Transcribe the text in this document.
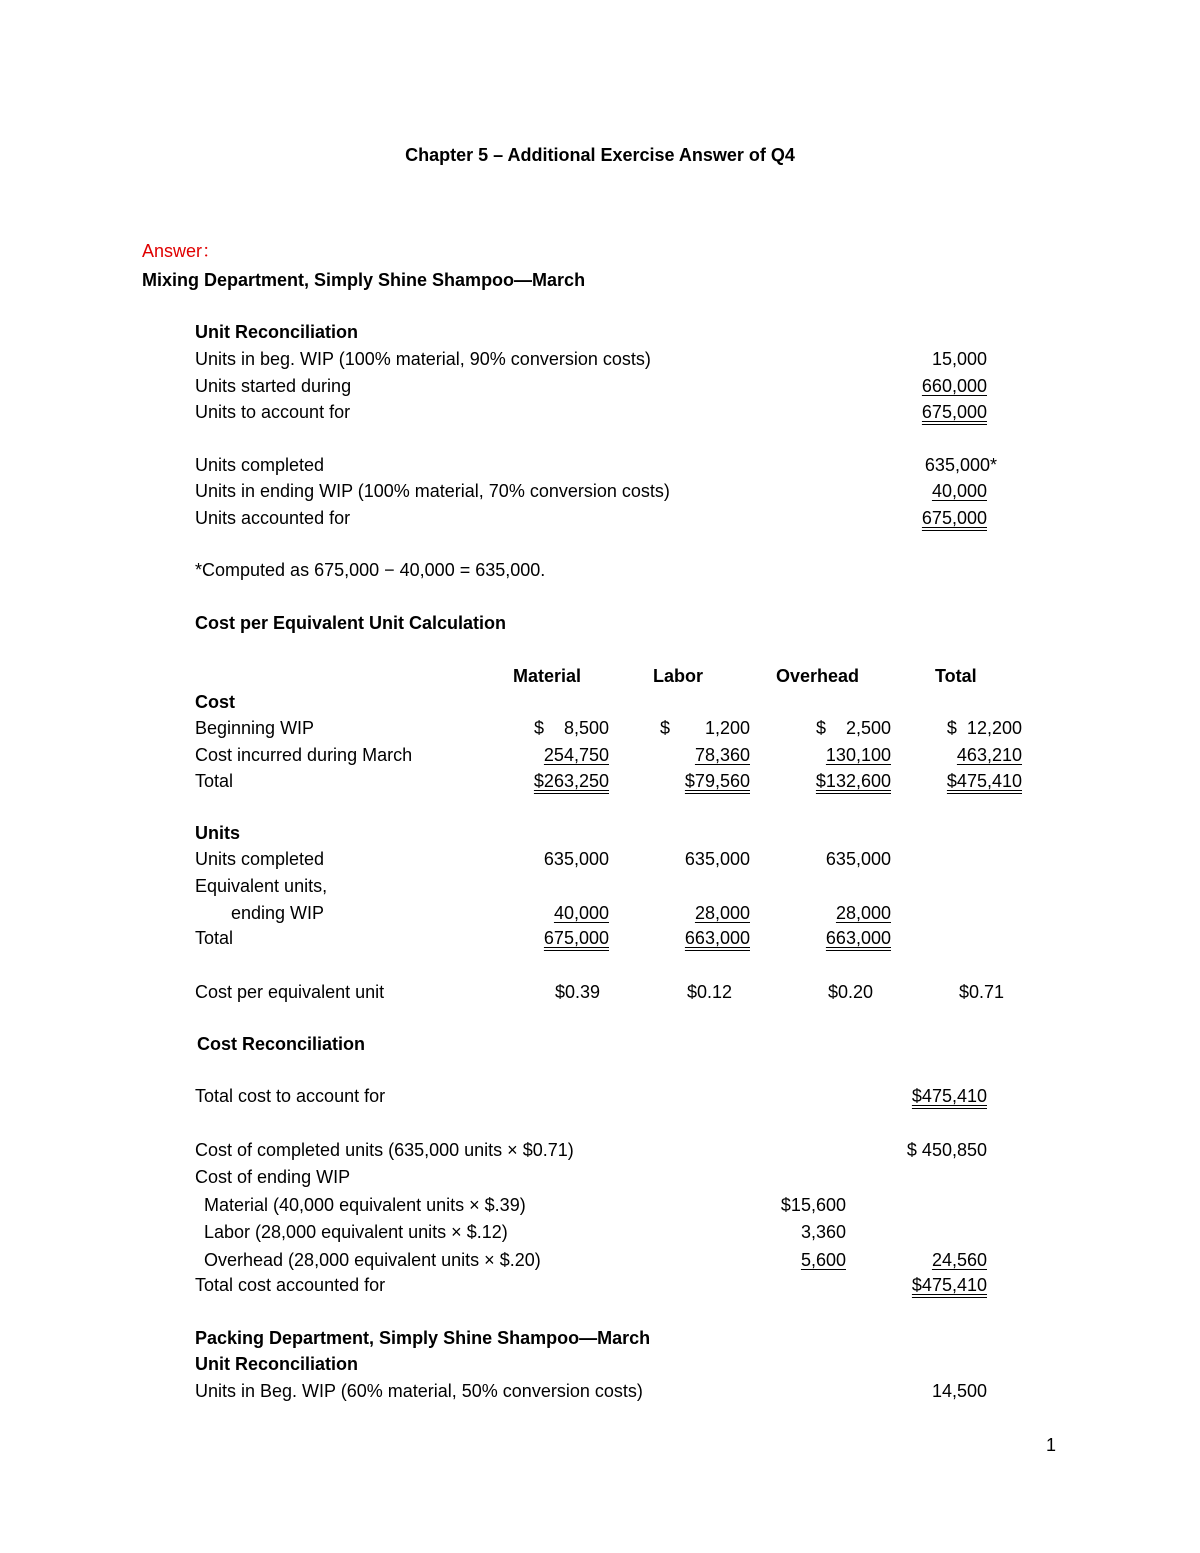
Chapter 5 – Additional Exercise Answer of Q4
Answer：
Mixing Department, Simply Shine Shampoo—March
Unit Reconciliation
Units in beg. WIP (100% material, 90% conversion costs)	15,000
Units started during	660,000
Units to account for	675,000
Units completed	635,000*
Units in ending WIP (100% material, 70% conversion costs)	40,000
Units accounted for	675,000
*Computed as 675,000 − 40,000 = 635,000.
Cost per Equivalent Unit Calculation
Material	Labor	Overhead	Total
Cost
Beginning WIP	$    8,500	$       1,200	$    2,500	$  12,200
Cost incurred during March	254,750	78,360	130,100	463,210
Total	$263,250	$79,560	$132,600	$475,410
Units
Units completed	635,000	635,000	635,000
Equivalent units,
ending WIP	40,000	28,000	28,000
Total	675,000	663,000	663,000
Cost per equivalent unit	$0.39	$0.12	$0.20	$0.71
Cost Reconciliation
Total cost to account for	$475,410
Cost of completed units (635,000 units × $0.71)	$ 450,850
Cost of ending WIP
Material (40,000 equivalent units × $.39)	$15,600
Labor (28,000 equivalent units × $.12)	3,360
Overhead (28,000 equivalent units × $.20)	5,600	24,560
Total cost accounted for	$475,410
Packing Department, Simply Shine Shampoo—March
Unit Reconciliation
Units in Beg. WIP (60% material, 50% conversion costs)	14,500
1
